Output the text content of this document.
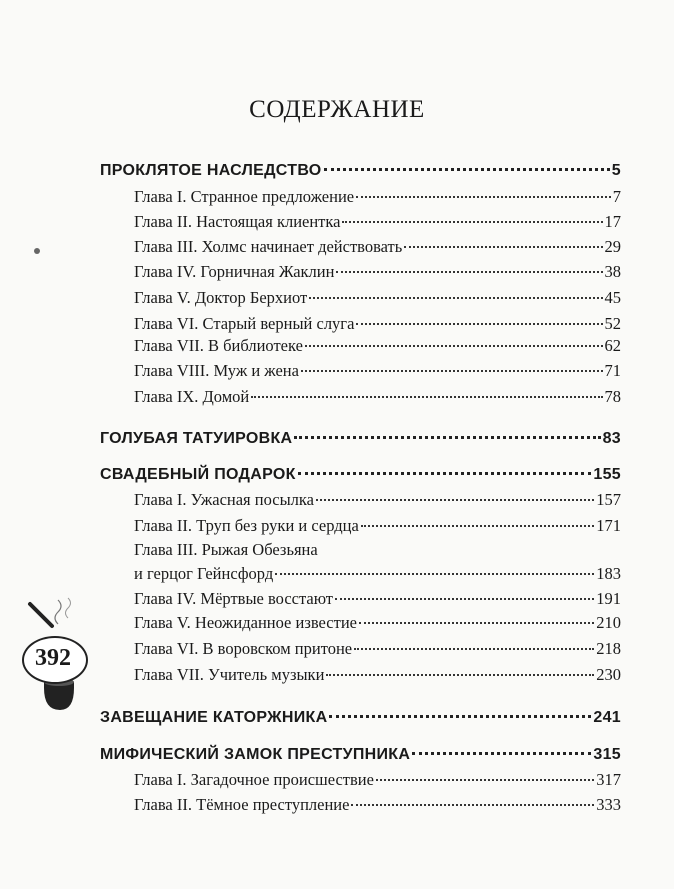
СОДЕРЖАНИЕ
ПРОКЛЯТОЕ НАСЛЕДСТВО	5
Глава I. Странное предложение	7
Глава II. Настоящая клиентка	17
Глава III. Холмс начинает действовать	29
Глава IV. Горничная Жаклин	38
Глава V. Доктор Берхиот	45
Глава VI. Старый верный слуга	52
Глава VII. В библиотеке	62
Глава VIII. Муж и жена	71
Глава IX. Домой	78
ГОЛУБАЯ ТАТУИРОВКА	83
СВАДЕБНЫЙ ПОДАРОК	155
Глава I. Ужасная посылка	157
Глава II. Труп без руки и сердца	171
Глава III. Рыжая Обезьяна
и герцог Гейнсфорд	183
Глава IV. Мёртвые восстают	191
Глава V. Неожиданное известие	210
Глава VI. В воровском притоне	218
Глава VII. Учитель музыки	230
ЗАВЕЩАНИЕ КАТОРЖНИКА	241
МИФИЧЕСКИЙ ЗАМОК ПРЕСТУПНИКА	315
Глава I. Загадочное происшествие	317
Глава II. Тёмное преступление	333
392
